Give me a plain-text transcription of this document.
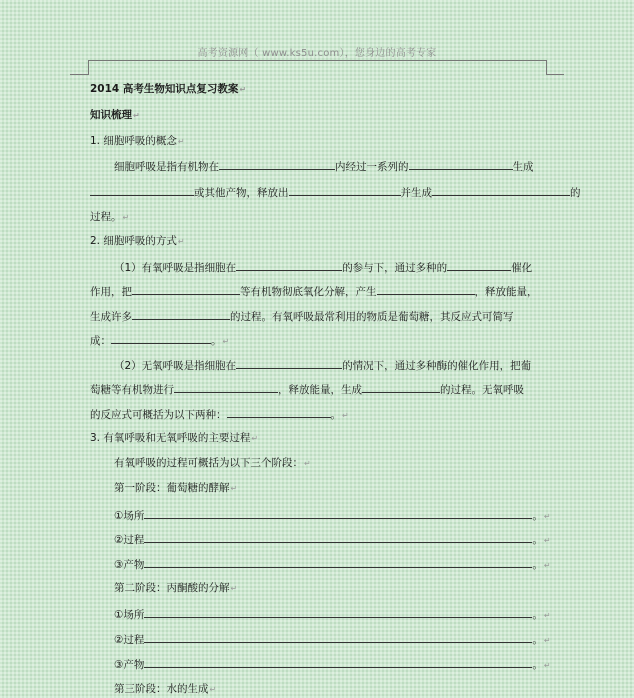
高考资源网（ www.ks5u.com），您身边的高考专家
2014 高考生物知识点复习教案↵
知识梳理↵
1. 细胞呼吸的概念↵
细胞呼吸是指有机物在	内经过一系列的	生成
或其他产物，释放出	并生成	的
过程。↵
2. 细胞呼吸的方式↵
（1）有氧呼吸是指细胞在	的参与下，通过多种的	催化
作用，把	等有机物彻底氧化分解，产生	，释放能量，
生成许多	的过程。有氧呼吸最常利用的物质是葡萄糖，其反应式可简写
成：	。↵
（2）无氧呼吸是指细胞在	的情况下，通过多种酶的催化作用，把葡
萄糖等有机物进行	，释放能量，生成	的过程。无氧呼吸
的反应式可概括为以下两种：	。↵
3. 有氧呼吸和无氧呼吸的主要过程↵
有氧呼吸的过程可概括为以下三个阶段：↵
第一阶段：葡萄糖的酵解↵
①场所	。↵
②过程	。↵
③产物	。↵
第二阶段：丙酮酸的分解↵
①场所	。↵
②过程	。↵
③产物	。↵
第三阶段：水的生成↵
